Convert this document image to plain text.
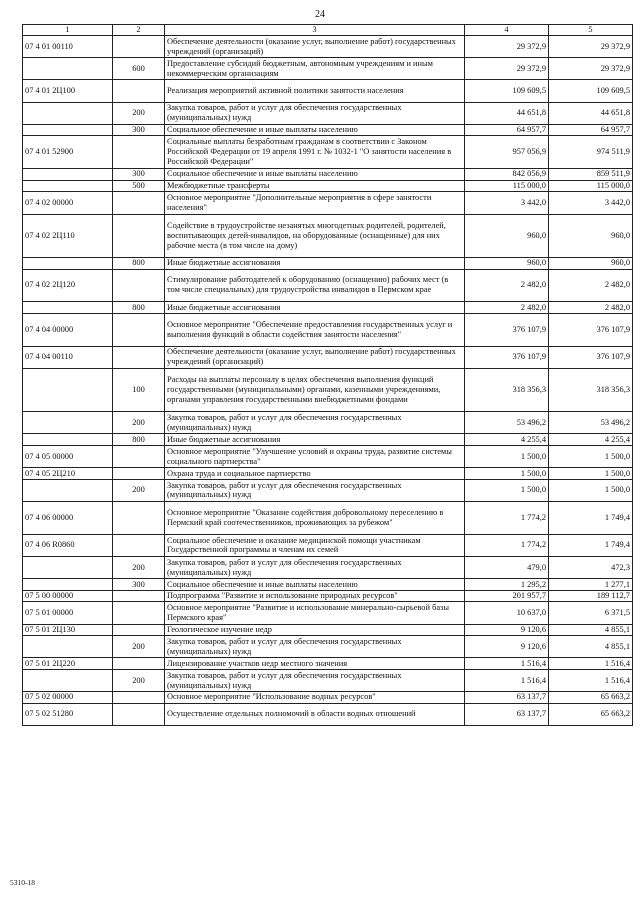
24
1	2	3	4	5
07 4 01 00110		Обеспечение деятельности (оказание услуг, выполнение работ) государственных учреждений (организаций)	29 372,9	29 372,9
	600	Предоставление субсидий бюджетным, автономным учреждениям и иным некоммерческим организациям	29 372,9	29 372,9
07 4 01 2Ц100		Реализация мероприятий активной политики занятости населения	109 609,5	109 609,5
	200	Закупка товаров, работ и услуг для обеспечения государственных (муниципальных) нужд	44 651,8	44 651,8
	300	Социальное обеспечение и иные выплаты населению	64 957,7	64 957,7
07 4 01 52900		Социальные выплаты безработным гражданам в соответствии с Законом Российской Федерации от 19 апреля 1991 г. № 1032-1 "О занятости населения в Российской Федерации"	957 056,9	974 511,9
	300	Социальное обеспечение и иные выплаты населению	842 056,9	859 511,9
	500	Межбюджетные трансферты	115 000,0	115 000,0
07 4 02 00000		Основное мероприятие "Дополнительные мероприятия в сфере занятости населения"	3 442,0	3 442,0
07 4 02 2Ц110		Содействие в трудоустройстве незанятых многодетных родителей, родителей, воспитывающих детей-инвалидов, на оборудованные (оснащенные) для них рабочие места (в том числе на дому)	960,0	960,0
	800	Иные бюджетные ассигнования	960,0	960,0
07 4 02 2Ц120		Стимулирование работодателей к оборудованию (оснащению) рабочих мест (в том числе специальных) для трудоустройства инвалидов в Пермском крае	2 482,0	2 482,0
	800	Иные бюджетные ассигнования	2 482,0	2 482,0
07 4 04 00000		Основное мероприятие "Обеспечение предоставления государственных услуг и выполнения функций в области содействия занятости населения"	376 107,9	376 107,9
07 4 04 00110		Обеспечение деятельности (оказание услуг, выполнение работ) государственных учреждений (организаций)	376 107,9	376 107,9
	100	Расходы на выплаты персоналу в целях обеспечения выполнения функций государственными (муниципальными) органами, казенными учреждениями, органами управления государственными внебюджетными фондами	318 356,3	318 356,3
	200	Закупка товаров, работ и услуг для обеспечения государственных (муниципальных) нужд	53 496,2	53 496,2
	800	Иные бюджетные ассигнования	4 255,4	4 255,4
07 4 05 00000		Основное мероприятие "Улучшение условий и охраны труда, развитие системы социального партнерства"	1 500,0	1 500,0
07 4 05 2Ц210		Охрана труда и социальное партнерство	1 500,0	1 500,0
	200	Закупка товаров, работ и услуг для обеспечения государственных (муниципальных) нужд	1 500,0	1 500,0
07 4 06 00000		Основное мероприятие "Оказание содействия добровольному переселению в Пермский край соотечественников, проживающих за рубежом"	1 774,2	1 749,4
07 4 06 R0860		Социальное обеспечение и оказание медицинской помощи участникам Государственной программы и членам их семей	1 774,2	1 749,4
	200	Закупка товаров, работ и услуг для обеспечения государственных (муниципальных) нужд	479,0	472,3
	300	Социальное обеспечение и иные выплаты населению	1 295,2	1 277,1
07 5 00 00000		Подпрограмма "Развитие и использование природных ресурсов"	201 957,7	189 112,7
07 5 01 00000		Основное мероприятие "Развитие и использование минерально-сырьевой базы Пермского края"	10 637,0	6 371,5
07 5 01 2Ц130		Геологическое изучение недр	9 120,6	4 855,1
	200	Закупка товаров, работ и услуг для обеспечения государственных (муниципальных) нужд	9 120,6	4 855,1
07 5 01 2Ц220		Лицензирование участков недр местного значения	1 516,4	1 516,4
	200	Закупка товаров, работ и услуг для обеспечения государственных (муниципальных) нужд	1 516,4	1 516,4
07 5 02 00000		Основное мероприятие "Использование водных ресурсов"	63 137,7	65 663,2
07 5 02 51280		Осуществление отдельных полномочий в области водных отношений	63 137,7	65 663,2
5310-18
